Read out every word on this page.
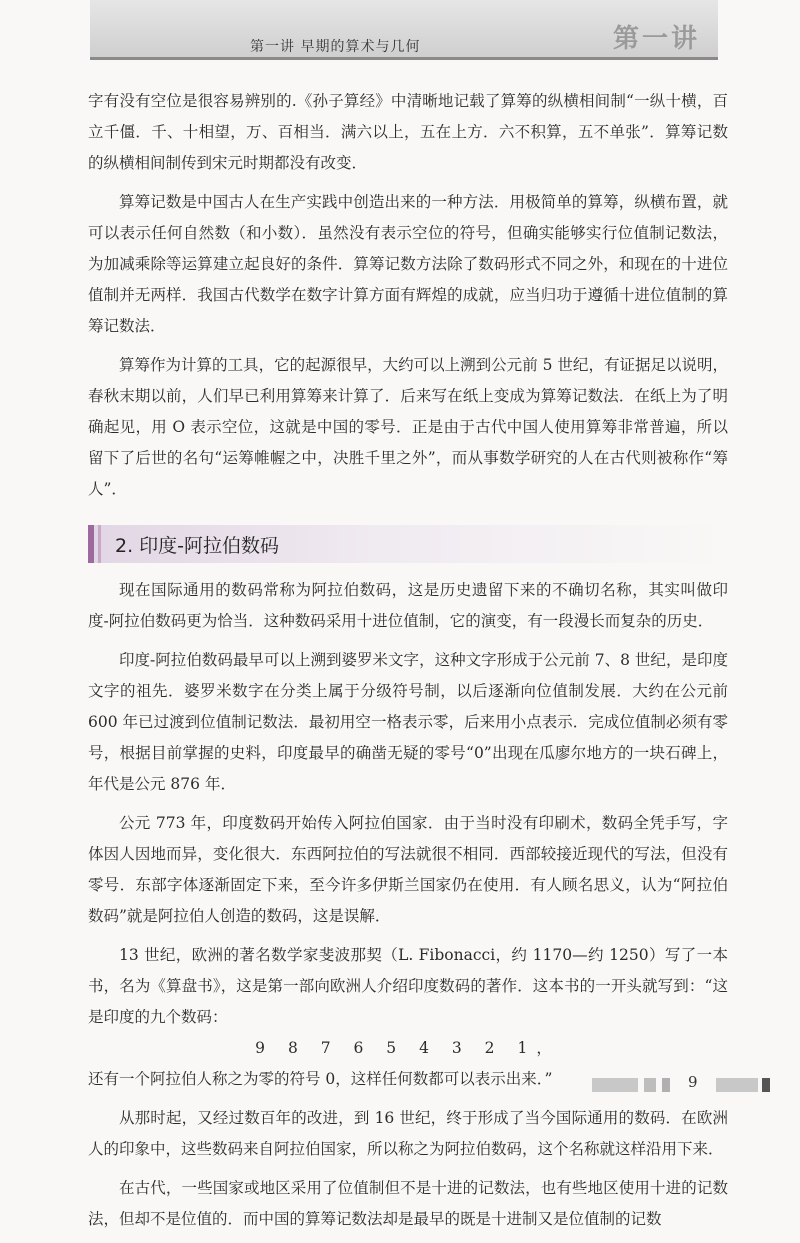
第一讲 早期的算术与几何	第一讲

字有没有空位是很容易辨别的.《孙子算经》中清晰地记载了算筹的纵横相间制“一纵十横，百立千僵．千、十相望，万、百相当．满六以上，五在上方．六不积算，五不单张”．算筹记数的纵横相间制传到宋元时期都没有改变．

算筹记数是中国古人在生产实践中创造出来的一种方法．用极简单的算筹，纵横布置，就可以表示任何自然数（和小数）．虽然没有表示空位的符号，但确实能够实行位值制记数法，为加减乘除等运算建立起良好的条件．算筹记数方法除了数码形式不同之外，和现在的十进位值制并无两样．我国古代数学在数字计算方面有辉煌的成就，应当归功于遵循十进位值制的算筹记数法．

算筹作为计算的工具，它的起源很早，大约可以上溯到公元前 5 世纪，有证据足以说明，春秋末期以前，人们早已利用算筹来计算了．后来写在纸上变成为算筹记数法．在纸上为了明确起见，用 O 表示空位，这就是中国的零号．正是由于古代中国人使用算筹非常普遍，所以留下了后世的名句“运筹帷幄之中，决胜千里之外”，而从事数学研究的人在古代则被称作“筹人”．

2. 印度-阿拉伯数码

现在国际通用的数码常称为阿拉伯数码，这是历史遗留下来的不确切名称，其实叫做印度-阿拉伯数码更为恰当．这种数码采用十进位值制，它的演变，有一段漫长而复杂的历史．

印度-阿拉伯数码最早可以上溯到婆罗米文字，这种文字形成于公元前 7、8 世纪，是印度文字的祖先．婆罗米数字在分类上属于分级符号制，以后逐渐向位值制发展．大约在公元前 600 年已过渡到位值制记数法．最初用空一格表示零，后来用小点表示．完成位值制必须有零号，根据目前掌握的史料，印度最早的确凿无疑的零号“0”出现在瓜廖尔地方的一块石碑上，年代是公元 876 年．

公元 773 年，印度数码开始传入阿拉伯国家．由于当时没有印刷术，数码全凭手写，字体因人因地而异，变化很大．东西阿拉伯的写法就很不相同．西部较接近现代的写法，但没有零号．东部字体逐渐固定下来，至今许多伊斯兰国家仍在使用．有人顾名思义，认为“阿拉伯数码”就是阿拉伯人创造的数码，这是误解．

13 世纪，欧洲的著名数学家斐波那契（L. Fibonacci，约 1170—约 1250）写了一本书，名为《算盘书》，这是第一部向欧洲人介绍印度数码的著作．这本书的一开头就写到：“这是印度的九个数码：

9 8 7 6 5 4 3 2 1，

还有一个阿拉伯人称之为零的符号 0，这样任何数都可以表示出来．”

从那时起，又经过数百年的改进，到 16 世纪，终于形成了当今国际通用的数码．在欧洲人的印象中，这些数码来自阿拉伯国家，所以称之为阿拉伯数码，这个名称就这样沿用下来．

在古代，一些国家或地区采用了位值制但不是十进的记数法，也有些地区使用十进的记数法，但却不是位值的．而中国的算筹记数法却是最早的既是十进制又是位值制的记数

9
